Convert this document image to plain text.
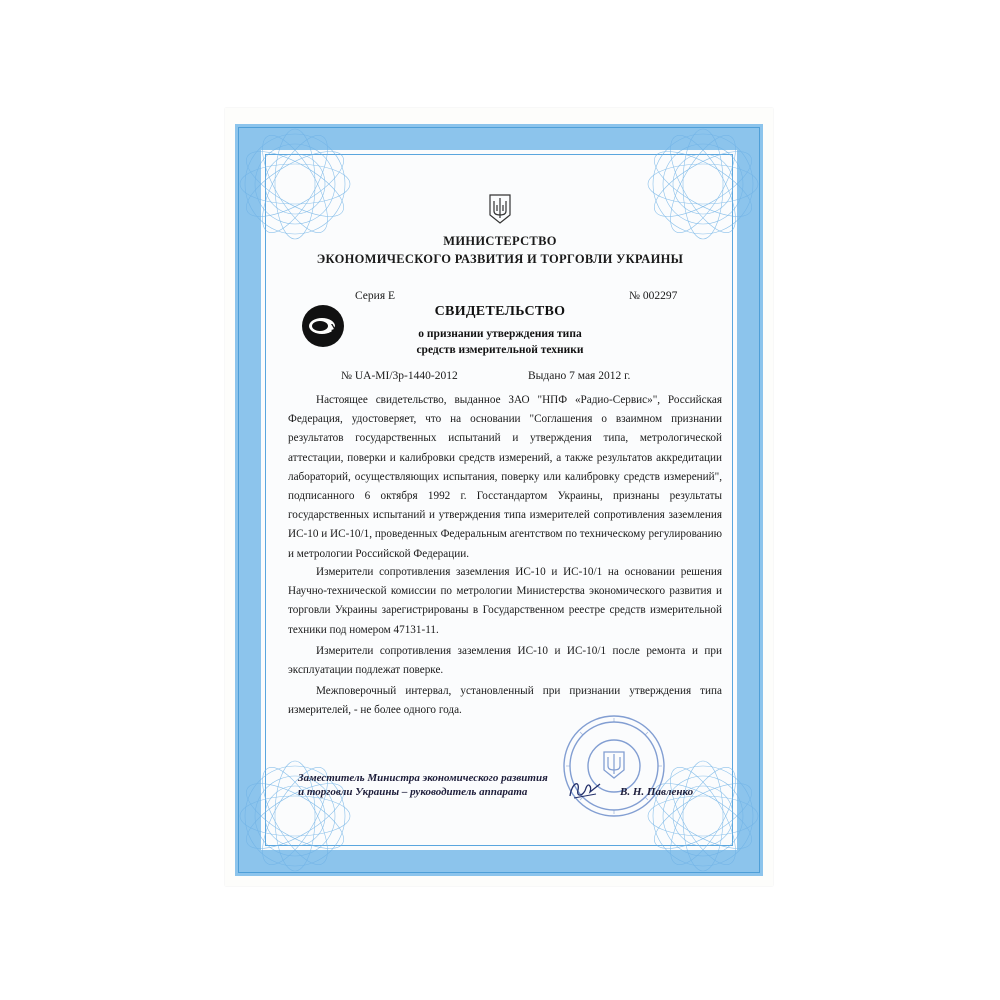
МИНИСТЕРСТВО
ЭКОНОМИЧЕСКОГО РАЗВИТИЯ И ТОРГОВЛИ УКРАИНЫ
У
Серия E	№ 002297
СВИДЕТЕЛЬСТВО
о признании утверждения типа
средств измерительной техники
№ UA-MI/3p-1440-2012	Выдано 7 мая 2012 г.
Настоящее свидетельство, выданное ЗАО "НПФ «Радио-Сервис»", Российская Федерация, удостоверяет, что на основании "Соглашения о взаимном признании результатов государственных испытаний и утверждения типа, метрологической аттестации, поверки и калибровки средств измерений, а также результатов аккредитации лабораторий, осуществляющих испытания, поверку или калибровку средств измерений", подписанного 6 октября 1992 г. Госстандартом Украины, признаны результаты государственных испытаний и утверждения типа измерителей сопротивления заземления ИС-10 и ИС-10/1, проведенных Федеральным агентством по техническому регулированию и метрологии Российской Федерации.
Измерители сопротивления заземления ИС-10 и ИС-10/1 на основании решения Научно-технической комиссии по метрологии Министерства экономического развития и торговли Украины зарегистрированы в Государственном реестре средств измерительной техники под номером 47131-11.
Измерители сопротивления заземления ИС-10 и ИС-10/1 после ремонта и при эксплуатации подлежат поверке.
Межповерочный интервал, установленный при признании утверждения типа измерителей, - не более одного года.
Заместитель Министра экономического развития
и торговли Украины – руководитель аппарата	В. Н. Павленко
